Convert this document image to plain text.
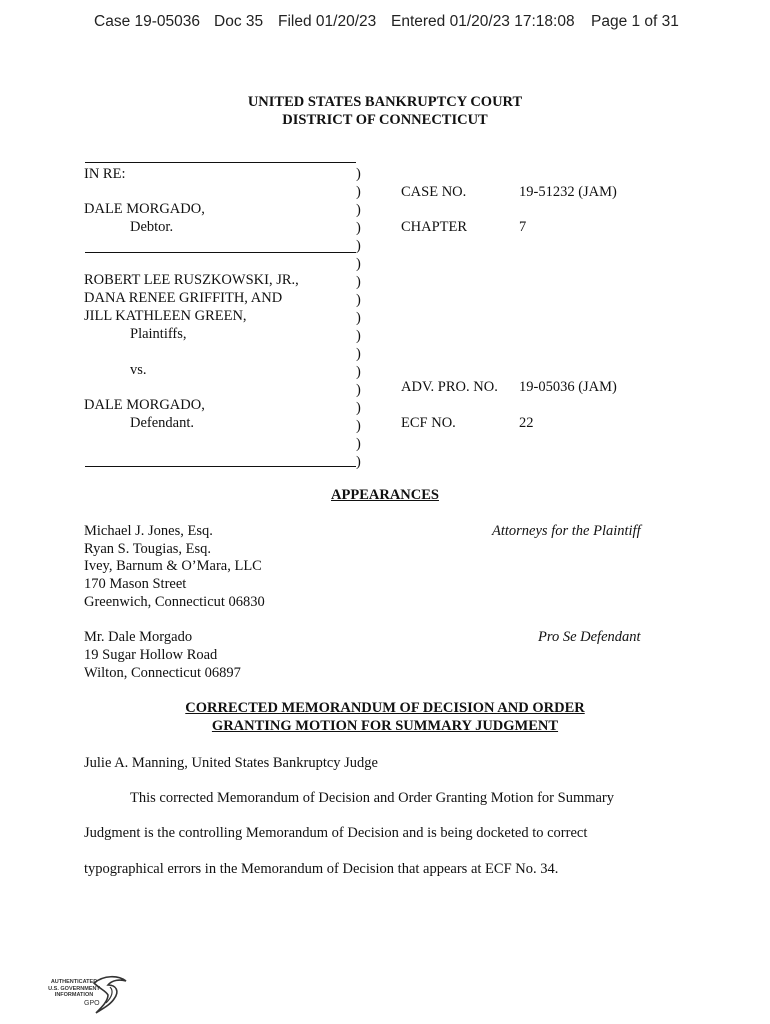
Case 19-05036 Doc 35 Filed 01/20/23 Entered 01/20/23 17:18:08 Page 1 of 31
UNITED STATES BANKRUPTCY COURT
DISTRICT OF CONNECTICUT
IN RE:
DALE MORGADO,
Debtor.
ROBERT LEE RUSZKOWSKI, JR.,
DANA RENEE GRIFFITH, AND
JILL KATHLEEN GREEN,
Plaintiffs,
vs.
DALE MORGADO,
Defendant.
)
)
)
)
)
)
)
)
)
)
)
)
)
)
)
)
)
CASE NO.	19-51232 (JAM)
CHAPTER	7
ADV. PRO. NO. 19-05036 (JAM)
ECF NO.	22
APPEARANCES
Michael J. Jones, Esq.
Ryan S. Tougias, Esq.
Ivey, Barnum & O’Mara, LLC
170 Mason Street
Greenwich, Connecticut 06830
Attorneys for the Plaintiff
Mr. Dale Morgado
19 Sugar Hollow Road
Wilton, Connecticut 06897
Pro Se Defendant
CORRECTED MEMORANDUM OF DECISION AND ORDER
GRANTING MOTION FOR SUMMARY JUDGMENT
Julie A. Manning, United States Bankruptcy Judge
This corrected Memorandum of Decision and Order Granting Motion for Summary
Judgment is the controlling Memorandum of Decision and is being docketed to correct
typographical errors in the Memorandum of Decision that appears at ECF No. 34.
AUTHENTICATED
U.S. GOVERNMENT
INFORMATION
GPO
